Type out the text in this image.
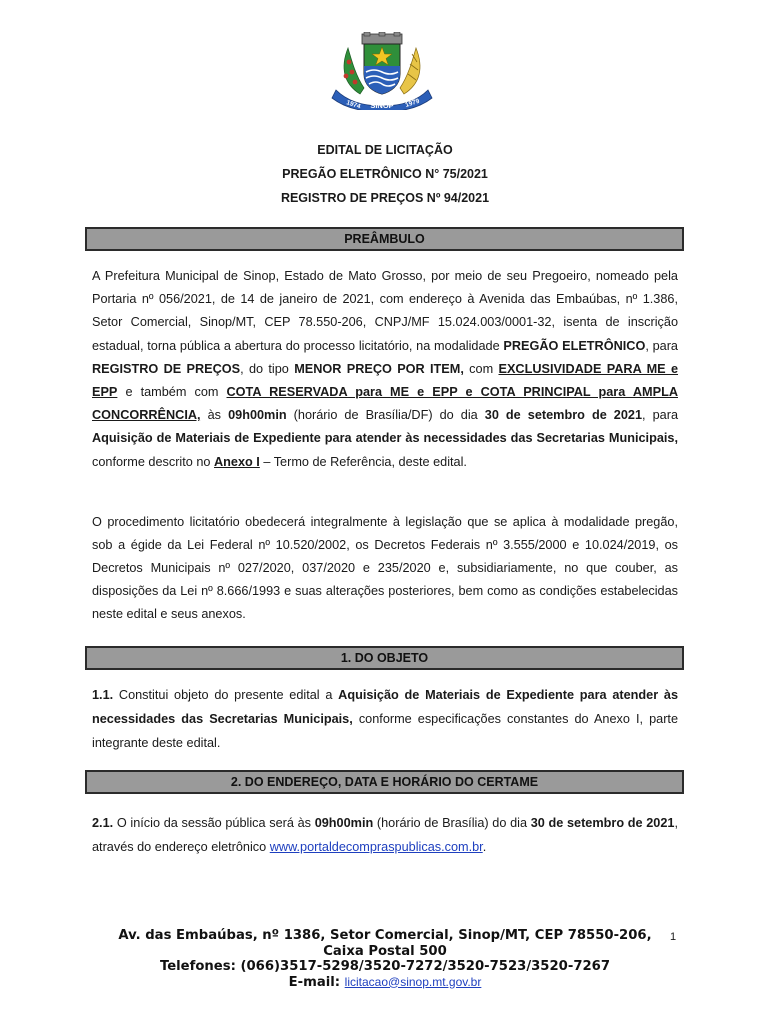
1974 SINOP 1979
EDITAL DE LICITAÇÃO
PREGÃO ELETRÔNICO N° 75/2021
REGISTRO DE PREÇOS Nº 94/2021
PREÂMBULO
A Prefeitura Municipal de Sinop, Estado de Mato Grosso, por meio de seu Pregoeiro, nomeado pela Portaria nº 056/2021, de 14 de janeiro de 2021, com endereço à Avenida das Embaúbas, nº 1.386, Setor Comercial, Sinop/MT, CEP 78.550-206, CNPJ/MF 15.024.003/0001-32, isenta de inscrição estadual, torna pública a abertura do processo licitatório, na modalidade PREGÃO ELETRÔNICO, para REGISTRO DE PREÇOS, do tipo MENOR PREÇO POR ITEM, com EXCLUSIVIDADE PARA ME e EPP e também com COTA RESERVADA para ME e EPP e COTA PRINCIPAL para AMPLA CONCORRÊNCIA, às 09h00min (horário de Brasília/DF) do dia 30 de setembro de 2021, para Aquisição de Materiais de Expediente para atender às necessidades das Secretarias Municipais, conforme descrito no Anexo I – Termo de Referência, deste edital.
O procedimento licitatório obedecerá integralmente à legislação que se aplica à modalidade pregão, sob a égide da Lei Federal nº 10.520/2002, os Decretos Federais nº 3.555/2000 e 10.024/2019, os Decretos Municipais nº 027/2020, 037/2020 e 235/2020 e, subsidiariamente, no que couber, as disposições da Lei nº 8.666/1993 e suas alterações posteriores, bem como as condições estabelecidas neste edital e seus anexos.
1. DO OBJETO
1.1. Constitui objeto do presente edital a Aquisição de Materiais de Expediente para atender às necessidades das Secretarias Municipais, conforme especificações constantes do Anexo I, parte integrante deste edital.
2. DO ENDEREÇO, DATA E HORÁRIO DO CERTAME
2.1. O início da sessão pública será às 09h00min (horário de Brasília) do dia 30 de setembro de 2021, através do endereço eletrônico www.portaldecompraspublicas.com.br.
Av. das Embaúbas, nº 1386, Setor Comercial, Sinop/MT, CEP 78550-206,
Caixa Postal 500
Telefones: (066)3517-5298/3520-7272/3520-7523/3520-7267
E-mail: licitacao@sinop.mt.gov.br
1
